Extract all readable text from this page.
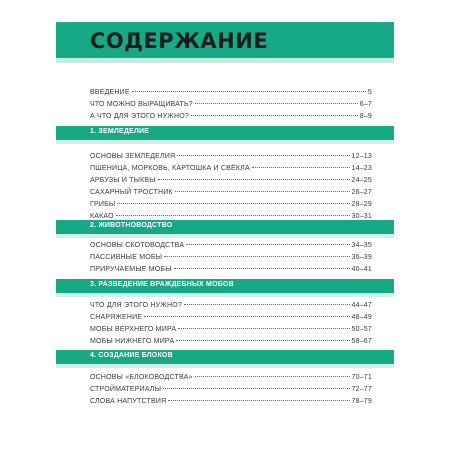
СОДЕРЖАНИЕ
ВВЕДЕНИЕ	5
ЧТО МОЖНО ВЫРАЩИВАТЬ?	6–7
А ЧТО ДЛЯ ЭТОГО НУЖНО?	8–9
1. ЗЕМЛЕДЕЛИЕ
ОСНОВЫ ЗЕМЛЕДЕЛИЯ	12–13
ПШЕНИЦА, МОРКОВЬ, КАРТОШКА И СВЁКЛА	14–23
АРБУЗЫ И ТЫКВЫ	24–25
САХАРНЫЙ ТРОСТНИК	26–27
ГРИБЫ	28–29
КАКАО	30–31
2. ЖИВОТНОВОДСТВО
ОСНОВЫ СКОТОВОДСТВА	34–35
ПАССИВНЫЕ МОБЫ	36–39
ПРИРУЧАЕМЫЕ МОБЫ	40–41
3. РАЗВЕДЕНИЕ ВРАЖДЕБНЫХ МОБОВ
ЧТО ДЛЯ ЭТОГО НУЖНО?	44–47
СНАРЯЖЕНИЕ	48–49
МОБЫ ВЕРХНЕГО МИРА	50–57
МОБЫ НИЖНЕГО МИРА	58–67
4. СОЗДАНИЕ БЛОКОВ
ОСНОВЫ «БЛОКОВОДСТВА»	70–71
СТРОЙМАТЕРИАЛЫ	72–77
СЛОВА НАПУТСТВИЯ	78–79
